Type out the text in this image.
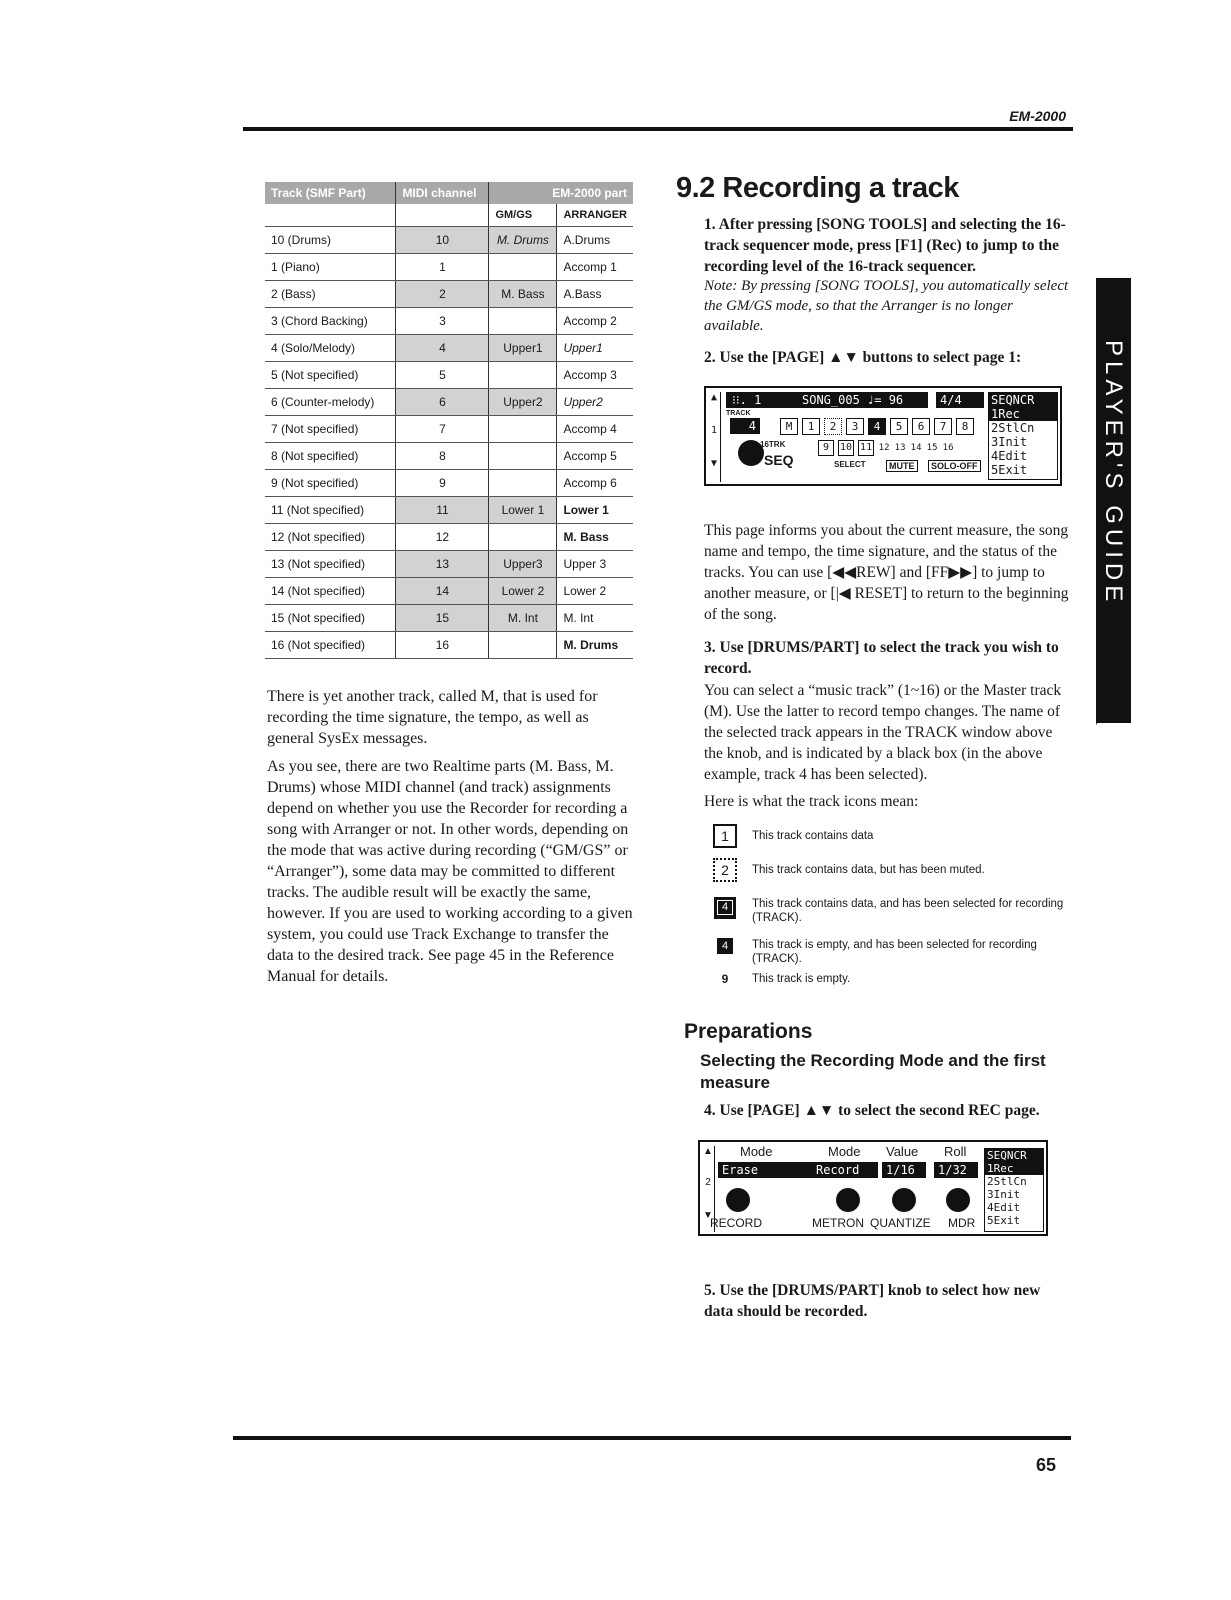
EM-2000
PLAYER'S GUIDE
Track (SMF Part)	MIDI channel	EM-2000 part	
		GM/GS	ARRANGER
10 (Drums)	10	M. Drums	A.Drums
1 (Piano)	1		Accomp 1
2 (Bass)	2	M. Bass	A.Bass
3 (Chord Backing)	3		Accomp 2
4 (Solo/Melody)	4	Upper1	Upper1
5 (Not specified)	5		Accomp 3
6 (Counter-melody)	6	Upper2	Upper2
7 (Not specified)	7		Accomp 4
8 (Not specified)	8		Accomp 5
9 (Not specified)	9		Accomp 6
11 (Not specified)	11	Lower 1	Lower 1
12 (Not specified)	12		M. Bass
13 (Not specified)	13	Upper3	Upper 3
14 (Not specified)	14	Lower 2	Lower 2
15 (Not specified)	15	M. Int	M. Int
16 (Not specified)	16		M. Drums

There is yet another track, called M, that is used for recording the time signature, the tempo, as well as general SysEx messages.

As you see, there are two Realtime parts (M. Bass, M. Drums) whose MIDI channel (and track) assignments depend on whether you use the Recorder for recording a song with Arranger or not. In other words, depending on the mode that was active during recording (“GM/GS” or “Arranger”), some data may be committed to different tracks. The audible result will be exactly the same, however. If you are used to working according to a given system, you could use Track Exchange to transfer the data to the desired track. See page 45 in the Reference Manual for details.

9.2 Recording a track
1. After pressing [SONG TOOLS] and selecting the 16-track sequencer mode, press [F1] (Rec) to jump to the recording level of the 16-track sequencer.
Note: By pressing [SONG TOOLS], you automatically select the GM/GS mode, so that the Arranger is no longer available.
2. Use the [PAGE] ▲▼ buttons to select page 1:
▲
1
▼
⁝⁝. 1	SONG_005 ♩= 96	4/4
TRACK
4	M	1	2	3	4	5	6	7	8
16TRK
SEQ
9	10 11 12 13 14 15 16
SELECT	MUTE	SOLO-OFF
SEQNCR
1Rec
2StlCn
3Init
4Edit
5Exit
This page informs you about the current measure, the song name and tempo, the time signature, and the status of the tracks. You can use [◀◀REW] and [FF▶▶] to jump to another measure, or [|◀ RESET] to return to the beginning of the song.
3. Use [DRUMS/PART] to select the track you wish to record.
You can select a “music track” (1~16) or the Master track (M). Use the latter to record tempo changes. The name of the selected track appears in the TRACK window above the knob, and is indicated by a black box (in the above example, track 4 has been selected).
Here is what the track icons mean:
1	This track contains data
2	This track contains data, but has been muted.
4	This track contains data, and has been selected for recording (TRACK).
4	This track is empty, and has been selected for recording (TRACK).
9 This track is empty.
Preparations
Selecting the Recording Mode and the first measure
4. Use [PAGE] ▲▼ to select the second REC page.
▲
2
▼
Mode	Mode Value Roll
Erase	Record	1/16	1/32
RECORD	METRON QUANTIZE MDR
SEQNCR
1Rec
2StlCn
3Init
4Edit
5Exit
5. Use the [DRUMS/PART] knob to select how new data should be recorded.
65
